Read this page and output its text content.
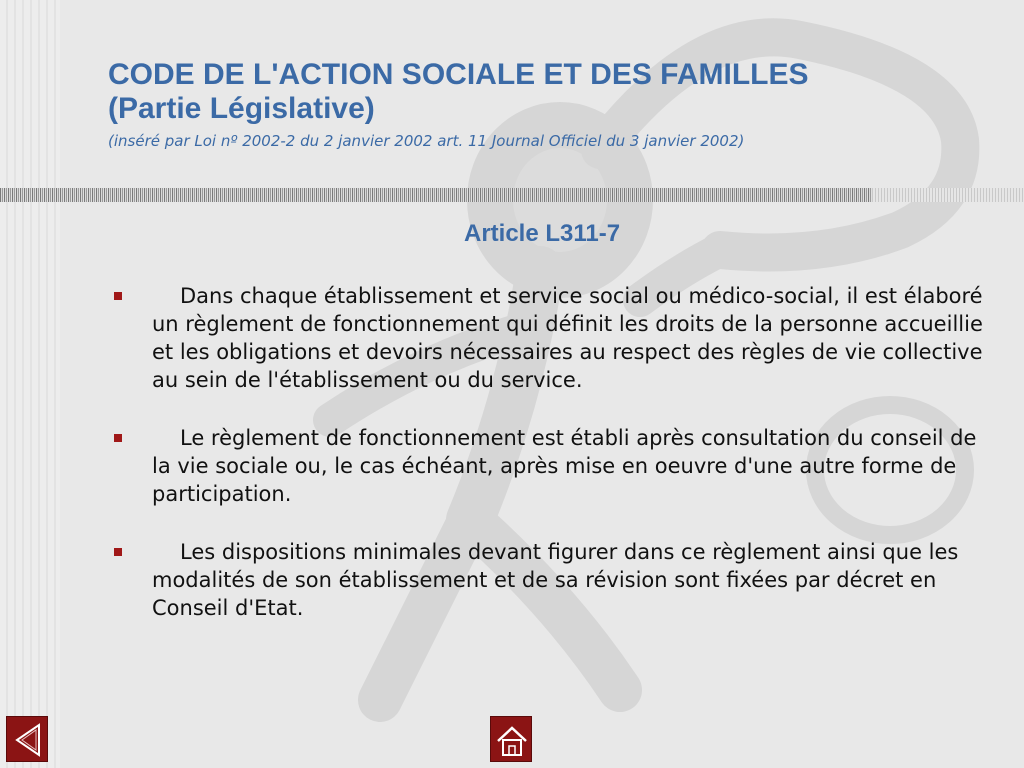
CODE DE L'ACTION SOCIALE ET DES FAMILLES
(Partie Législative)
(inséré par Loi nº 2002-2 du 2 janvier 2002 art. 11 Journal Officiel du 3 janvier 2002)
Article L311-7
Dans chaque établissement et service social ou médico-social, il est élaboré un règlement de fonctionnement qui définit les droits de la personne accueillie et les obligations et devoirs nécessaires au respect des règles de vie collective au sein de l'établissement ou du service.
Le règlement de fonctionnement est établi après consultation du conseil de la vie sociale ou, le cas échéant, après mise en oeuvre d'une autre forme de participation.
Les dispositions minimales devant figurer dans ce règlement ainsi que les modalités de son établissement et de sa révision sont fixées par décret en Conseil d'Etat.
